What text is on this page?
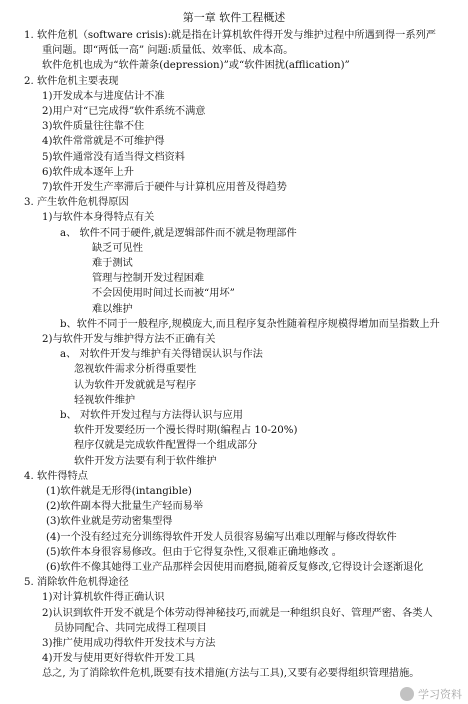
第一章 软件工程概述
1. 软件危机（software crisis):就是指在计算机软件得开发与维护过程中所遇到得一系列严
重问题。即“两低一高” 问题:质量低、效率低、成本高。
软件危机也成为“软件萧条(depression)”或“软件困扰(afflication)”
2. 软件危机主要表现
1)开发成本与进度估计不准
2)用户对“已完成得”软件系统不满意
3)软件质量往往靠不住
4)软件常常就是不可维护得
5)软件通常没有适当得文档资料
6)软件成本逐年上升
7)软件开发生产率滞后于硬件与计算机应用普及得趋势
3. 产生软件危机得原因
1)与软件本身得特点有关
a、 软件不同于硬件,就是逻辑部件而不就是物理部件
缺乏可见性
难于测试
管理与控制开发过程困难
不会因使用时间过长而被“用坏”
难以维护
b、软件不同于一般程序,规模庞大,而且程序复杂性随着程序规模得增加而呈指数上升
2)与软件开发与维护得方法不正确有关
a、 对软件开发与维护有关得错误认识与作法
忽视软件需求分析得重要性
认为软件开发就就是写程序
轻视软件维护
b、 对软件开发过程与方法得认识与应用
软件开发要经历一个漫长得时期(编程占 10-20%)
程序仅就是完成软件配置得一个组成部分
软件开发方法要有利于软件维护
4. 软件得特点
(1)软件就是无形得(intangible)
(2)软件副本得大批量生产轻而易举
(3)软件业就是劳动密集型得
(4)一个没有经过充分训练得软件开发人员很容易编写出难以理解与修改得软件
(5)软件本身很容易修改。但由于它得复杂性,又很难正确地修改 。
(6)软件不像其她得工业产品那样会因使用而磨损,随着反复修改,它得设计会逐渐退化
5. 消除软件危机得途径
1)对计算机软件得正确认识
2)认识到软件开发不就是个体劳动得神秘技巧,而就是一种组织良好、管理严密、各类人
员协同配合、共同完成得工程项目
3)推广使用成功得软件开发技术与方法
4)开发与使用更好得软件开发工具
总之, 为了消除软件危机,既要有技术措施(方法与工具),又要有必要得组织管理措施。
学习资料
